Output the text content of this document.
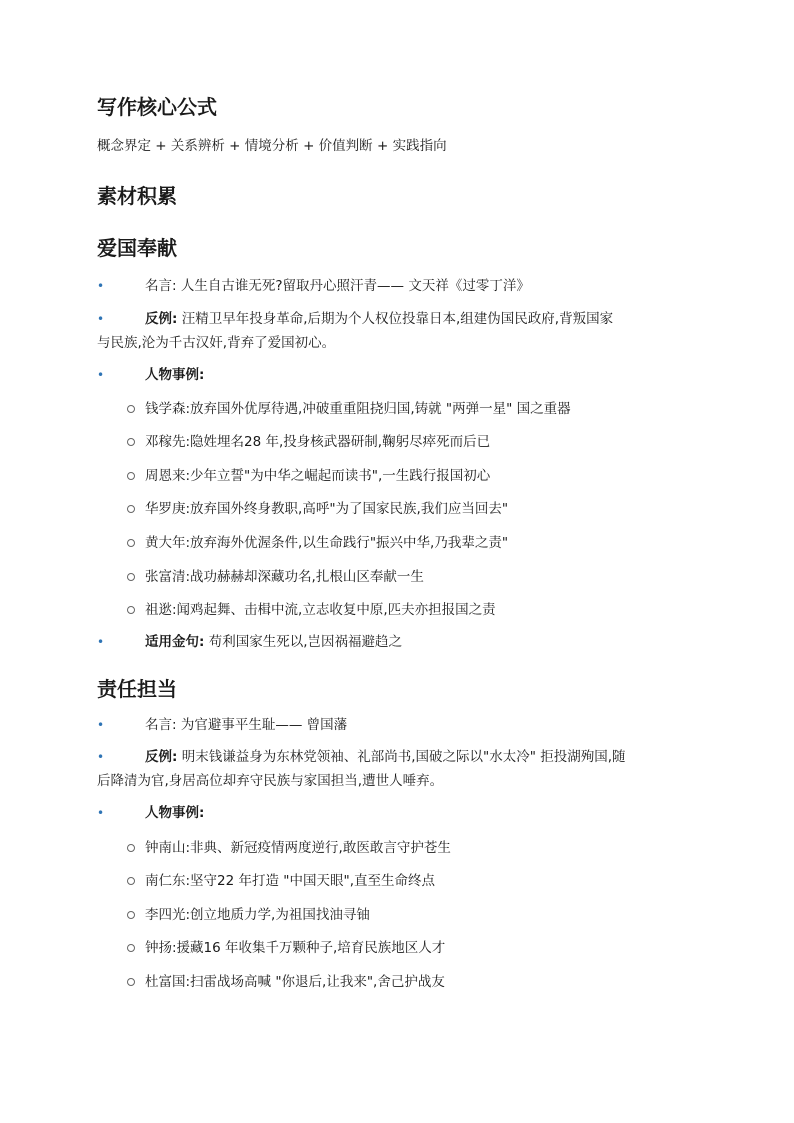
写作核心公式
概念界定 + 关系辨析 + 情境分析 + 价值判断 + 实践指向
素材积累
爱国奉献
•	名言: 人生自古谁无死?留取丹心照汗青—— 文天祥《过零丁洋》
•	反例: 汪精卫早年投身革命,后期为个人权位投靠日本,组建伪国民政府,背叛国家
与民族,沦为千古汉奸,背弃了爱国初心。
•	人物事例:
钱学森:放弃国外优厚待遇,冲破重重阻挠归国,铸就 "两弹一星" 国之重器
邓稼先:隐姓埋名28 年,投身核武器研制,鞠躬尽瘁死而后已
周恩来:少年立誓"为中华之崛起而读书",一生践行报国初心
华罗庚:放弃国外终身教职,高呼"为了国家民族,我们应当回去"
黄大年:放弃海外优渥条件,以生命践行"振兴中华,乃我辈之责"
张富清:战功赫赫却深藏功名,扎根山区奉献一生
祖逖:闻鸡起舞、击楫中流,立志收复中原,匹夫亦担报国之责
•	适用金句: 苟利国家生死以,岂因祸福避趋之
责任担当
•	名言: 为官避事平生耻—— 曾国藩
•	反例: 明末钱谦益身为东林党领袖、礼部尚书,国破之际以"水太冷" 拒投湖殉国,随
后降清为官,身居高位却弃守民族与家国担当,遭世人唾弃。
•	人物事例:
钟南山:非典、新冠疫情两度逆行,敢医敢言守护苍生
南仁东:坚守22 年打造 "中国天眼",直至生命终点
李四光:创立地质力学,为祖国找油寻铀
钟扬:援藏16 年收集千万颗种子,培育民族地区人才
杜富国:扫雷战场高喊 "你退后,让我来",舍己护战友
